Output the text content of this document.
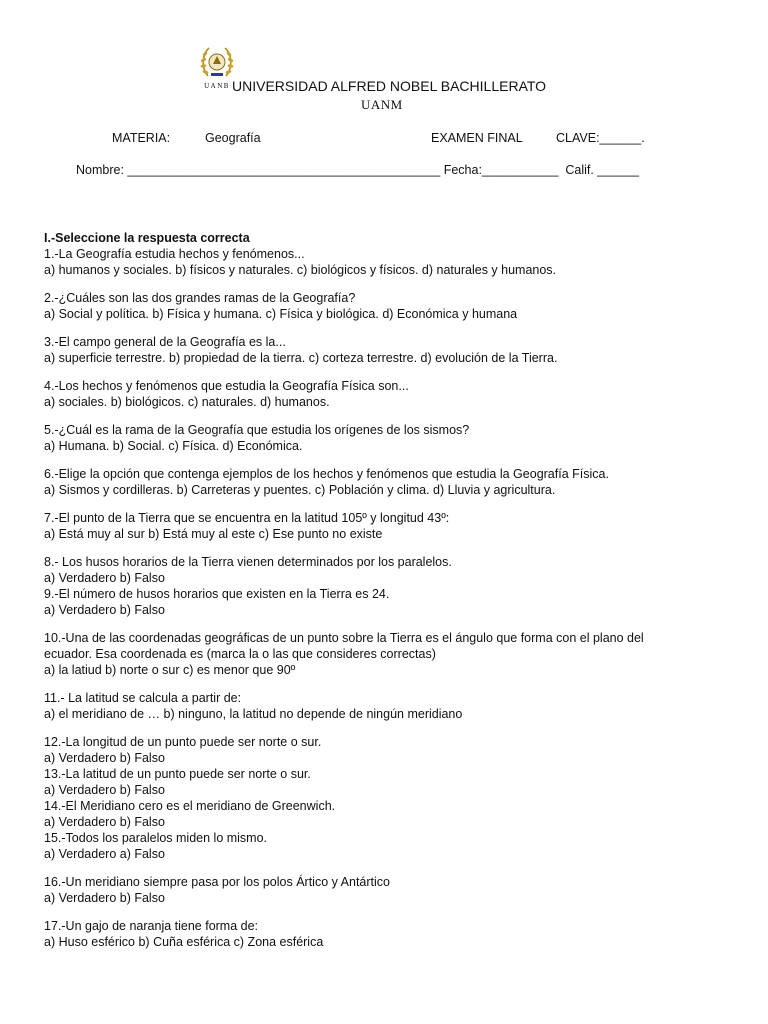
UANB UNIVERSIDAD ALFRED NOBEL BACHILLERATO
UANM
MATERIA:	Geografía	EXAMEN FINAL	CLAVE:______.
Nombre: _____________________________________________ Fecha:___________  Calif. ______
I.-Seleccione la respuesta correcta
1.-La Geografía estudia hechos y fenómenos...
a) humanos y sociales. b) físicos y naturales. c) biológicos y físicos. d) naturales y humanos.
2.-¿Cuáles son las dos grandes ramas de la Geografía?
a) Social y política. b) Física y humana. c) Física y biológica. d) Económica y humana
3.-El campo general de la Geografía es la...
a) superficie terrestre. b) propiedad de la tierra. c) corteza terrestre. d) evolución de la Tierra.
4.-Los hechos y fenómenos que estudia la Geografía Física son...
a) sociales. b) biológicos. c) naturales. d) humanos.
5.-¿Cuál es la rama de la Geografía que estudia los orígenes de los sismos?
a) Humana. b) Social. c) Física. d) Económica.
6.-Elige la opción que contenga ejemplos de los hechos y fenómenos que estudia la Geografía Física.
a) Sismos y cordilleras. b) Carreteras y puentes. c) Población y clima. d) Lluvia y agricultura.
7.-El punto de la Tierra que se encuentra en la latitud 105º y longitud 43º:
a) Está muy al sur b) Está muy al este c) Ese punto no existe
8.- Los husos horarios de la Tierra vienen determinados por los paralelos.
a) Verdadero b) Falso
9.-El número de husos horarios que existen en la Tierra es 24.
a) Verdadero b) Falso
10.-Una de las coordenadas geográficas de un punto sobre la Tierra es el ángulo que forma con el plano del
ecuador. Esa coordenada es (marca la o las que consideres correctas)
a) la latiud b) norte o sur c) es menor que 90º
11.- La latitud se calcula a partir de:
a) el meridiano de … b) ninguno, la latitud no depende de ningún meridiano
12.-La longitud de un punto puede ser norte o sur.
a) Verdadero b) Falso
13.-La latitud de un punto puede ser norte o sur.
a) Verdadero b) Falso
14.-El Meridiano cero es el meridiano de Greenwich.
a) Verdadero b) Falso
15.-Todos los paralelos miden lo mismo.
a) Verdadero a) Falso
16.-Un meridiano siempre pasa por los polos Ártico y Antártico
a) Verdadero b) Falso
17.-Un gajo de naranja tiene forma de:
a) Huso esférico b) Cuña esférica c) Zona esférica
